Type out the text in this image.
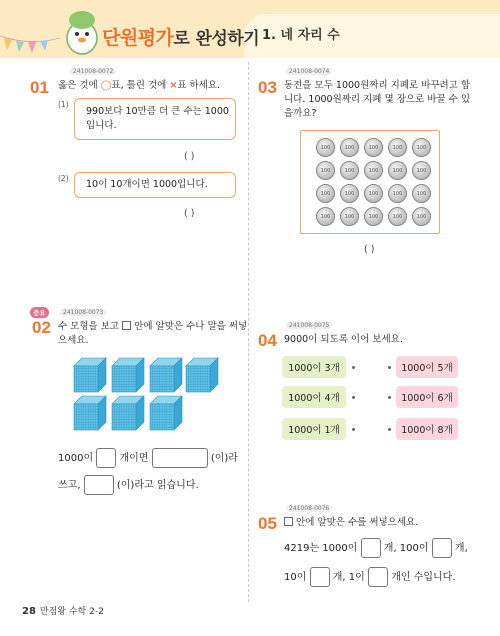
단원평가로 완성하기 1. 네 자리 수
241008-0072
01 옳은 것에 ◯표, 틀린 것에 ×표 하세요.
(1)
990보다 10만큼 더 큰 수는 1000
입니다.
( )
(2)
10이 10개이면 1000입니다.
( )
중요	241008-0073
02 수 모형을 보고  안에 알맞은 수나 말을 써넣
으세요.
1000이	개이면	(이)라
쓰고,	(이)라고 읽습니다.
241008-0074
03 동전을 모두 1000원짜리 지폐로 바꾸려고 합
니다. 1000원짜리 지폐 몇 장으로 바꿀 수 있
을까요?
100	100	100	100	100
100	100	100	100	100
100	100	100	100	100
100	100	100	100	100
( )
241008-0075
04 9000이 되도록 이어 보세요.
1000이 3개
1000이 4개
1000이 1개
1000이 5개
1000이 6개
1000이 8개
241008-0076
05	안에 알맞은 수를 써넣으세요.
4219는 1000이	개, 100이	개,
10이	개, 1이	개인 수입니다.
28 만점왕 수학 2-2
